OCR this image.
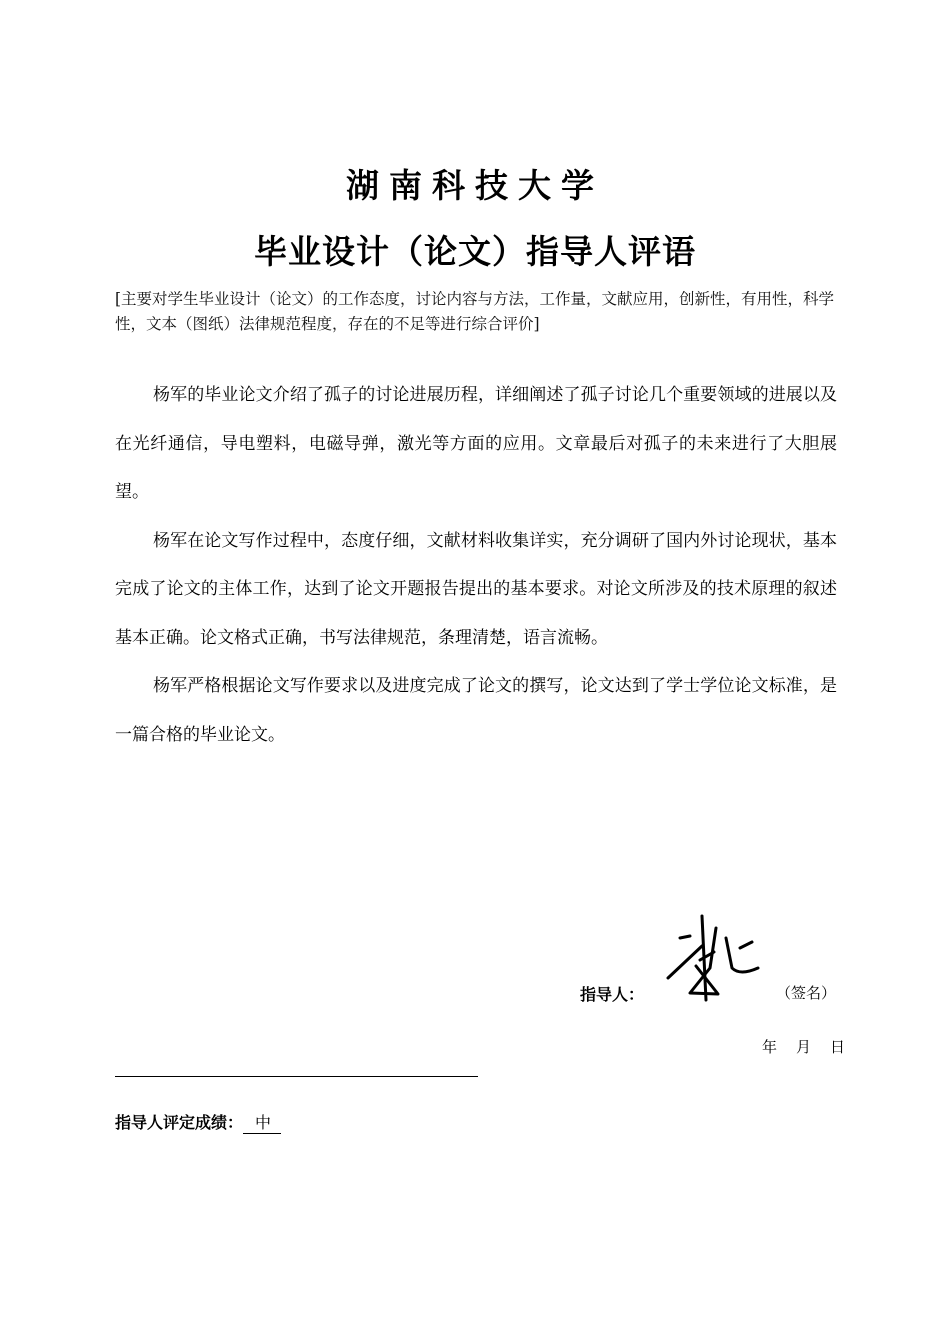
湖南科技大学
毕业设计（论文）指导人评语
[主要对学生毕业设计（论文）的工作态度，讨论内容与方法，工作量，文献应用，创新性，有用性，科学性，文本（图纸）法律规范程度，存在的不足等进行综合评价]

杨军的毕业论文介绍了孤子的讨论进展历程，详细阐述了孤子讨论几个重要领域的进展以及在光纤通信，导电塑料，电磁导弹，激光等方面的应用。文章最后对孤子的未来进行了大胆展望。

杨军在论文写作过程中，态度仔细，文献材料收集详实，充分调研了国内外讨论现状，基本完成了论文的主体工作，达到了论文开题报告提出的基本要求。对论文所涉及的技术原理的叙述基本正确。论文格式正确，书写法律规范，条理清楚，语言流畅。

杨军严格根据论文写作要求以及进度完成了论文的撰写，论文达到了学士学位论文标准，是一篇合格的毕业论文。

指导人：	（签名）
年 月 日
指导人评定成绩： 中
